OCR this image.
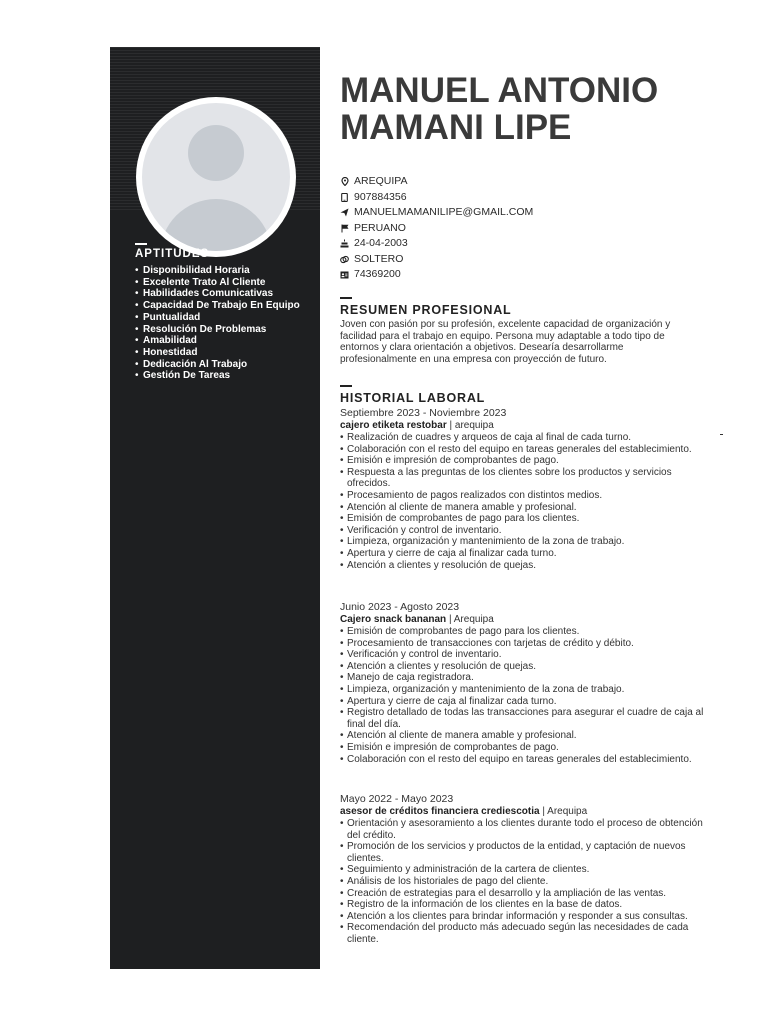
APTITUDES
• Disponibilidad Horaria
• Excelente Trato Al Cliente
• Habilidades Comunicativas
• Capacidad De Trabajo En Equipo
• Puntualidad
• Resolución De Problemas
• Amabilidad
• Honestidad
• Dedicación Al Trabajo
• Gestión De Tareas
MANUEL ANTONIO
MAMANI LIPE
AREQUIPA
907884356
MANUELMAMANILIPE@GMAIL.COM
PERUANO
24-04-2003
SOLTERO
74369200
RESUMEN PROFESIONAL

Joven con pasión por su profesión, excelente capacidad de organización y facilidad para el trabajo en equipo. Persona muy adaptable a todo tipo de entornos y clara orientación a objetivos. Desearía desarrollarme profesionalmente en una empresa con proyección de futuro.

HISTORIAL LABORAL
Septiembre 2023 - Noviembre 2023
cajero etiketa restobar | arequipa
• Realización de cuadres y arqueos de caja al final de cada turno.
• Colaboración con el resto del equipo en tareas generales del establecimiento.
• Emisión e impresión de comprobantes de pago.
• Respuesta a las preguntas de los clientes sobre los productos y servicios ofrecidos.
• Procesamiento de pagos realizados con distintos medios.
• Atención al cliente de manera amable y profesional.
• Emisión de comprobantes de pago para los clientes.
• Verificación y control de inventario.
• Limpieza, organización y mantenimiento de la zona de trabajo.
• Apertura y cierre de caja al finalizar cada turno.
• Atención a clientes y resolución de quejas.
Junio 2023 - Agosto 2023
Cajero snack bananan | Arequipa
• Emisión de comprobantes de pago para los clientes.
• Procesamiento de transacciones con tarjetas de crédito y débito.
• Verificación y control de inventario.
• Atención a clientes y resolución de quejas.
• Manejo de caja registradora.
• Limpieza, organización y mantenimiento de la zona de trabajo.
• Apertura y cierre de caja al finalizar cada turno.
• Registro detallado de todas las transacciones para asegurar el cuadre de caja al final del día.
• Atención al cliente de manera amable y profesional.
• Emisión e impresión de comprobantes de pago.
• Colaboración con el resto del equipo en tareas generales del establecimiento.
Mayo 2022 - Mayo 2023
asesor de créditos financiera crediescotia | Arequipa
• Orientación y asesoramiento a los clientes durante todo el proceso de obtención del crédito.
• Promoción de los servicios y productos de la entidad, y captación de nuevos clientes.
• Seguimiento y administración de la cartera de clientes.
• Análisis de los historiales de pago del cliente.
• Creación de estrategias para el desarrollo y la ampliación de las ventas.
• Registro de la información de los clientes en la base de datos.
• Atención a los clientes para brindar información y responder a sus consultas.
• Recomendación del producto más adecuado según las necesidades de cada cliente.
